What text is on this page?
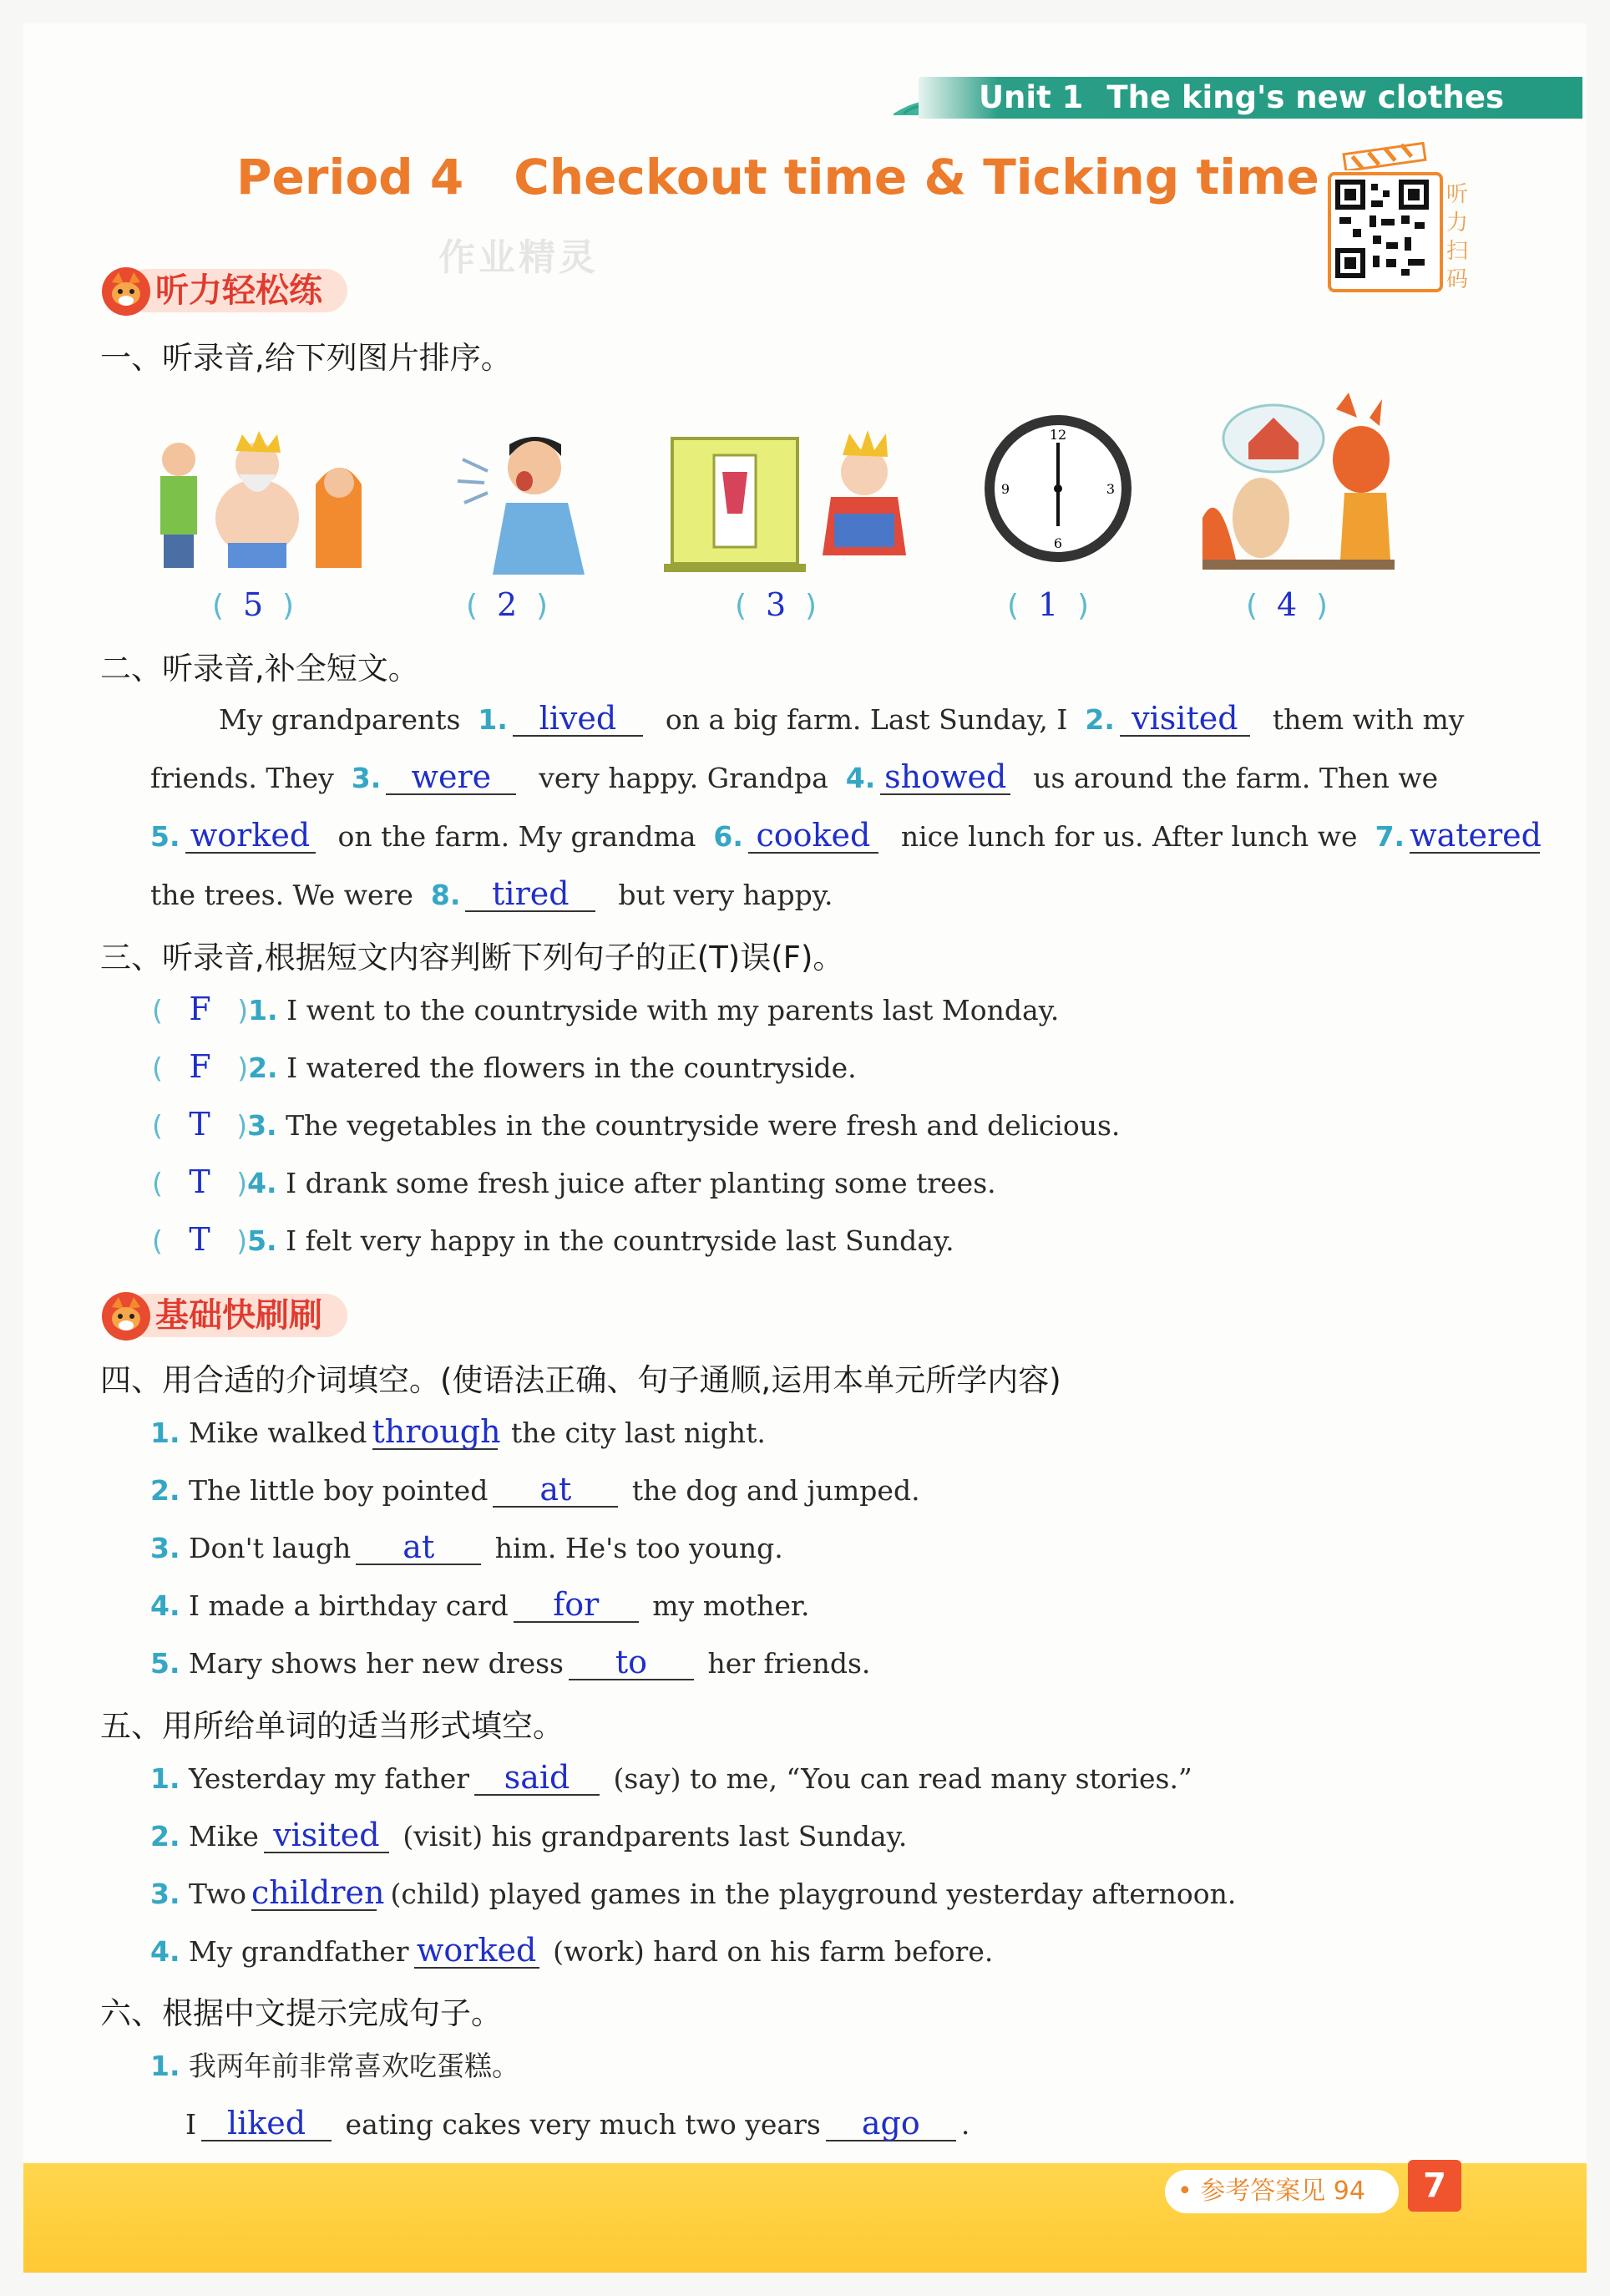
Unit 1 The king's new clothes
Period 4 Checkout time & Ticking time
作业精灵
听
力
扫
码
听力轻松练
一、听录音,给下列图片排序。
12
3
6
9
( 5 )	( 2 )	( 3 )	( 1 )	( 4 )
二、听录音,补全短文。
My grandparents 1. lived on a big farm. Last Sunday, I 2. visited them with my
friends. They 3. were very happy. Grandpa 4. showed us around the farm. Then we
5. worked on the farm. My grandma 6. cooked nice lunch for us. After lunch we 7. watered
the trees. We were 8. tired but very happy.
三、听录音,根据短文内容判断下列句子的正(T)误(F)。
( F )1. I went to the countryside with my parents last Monday.
( F )2. I watered the flowers in the countryside.
( T )3. The vegetables in the countryside were fresh and delicious.
( T )4. I drank some fresh juice after planting some trees.
( T )5. I felt very happy in the countryside last Sunday.
基础快刷刷
四、用合适的介词填空。(使语法正确、句子通顺,运用本单元所学内容)
1. Mike walked through the city last night.
2. The little boy pointed at the dog and jumped.
3. Don't laugh at him. He's too young.
4. I made a birthday card for my mother.
5. Mary shows her new dress to her friends.
五、用所给单词的适当形式填空。
1. Yesterday my father said (say) to me, “You can read many stories.”
2. Mike visited (visit) his grandparents last Sunday.
3. Two children (child) played games in the playground yesterday afternoon.
4. My grandfather worked (work) hard on his farm before.
六、根据中文提示完成句子。
1. 我两年前非常喜欢吃蛋糕。
I liked eating cakes very much two years ago .
• 参考答案见 94	7
